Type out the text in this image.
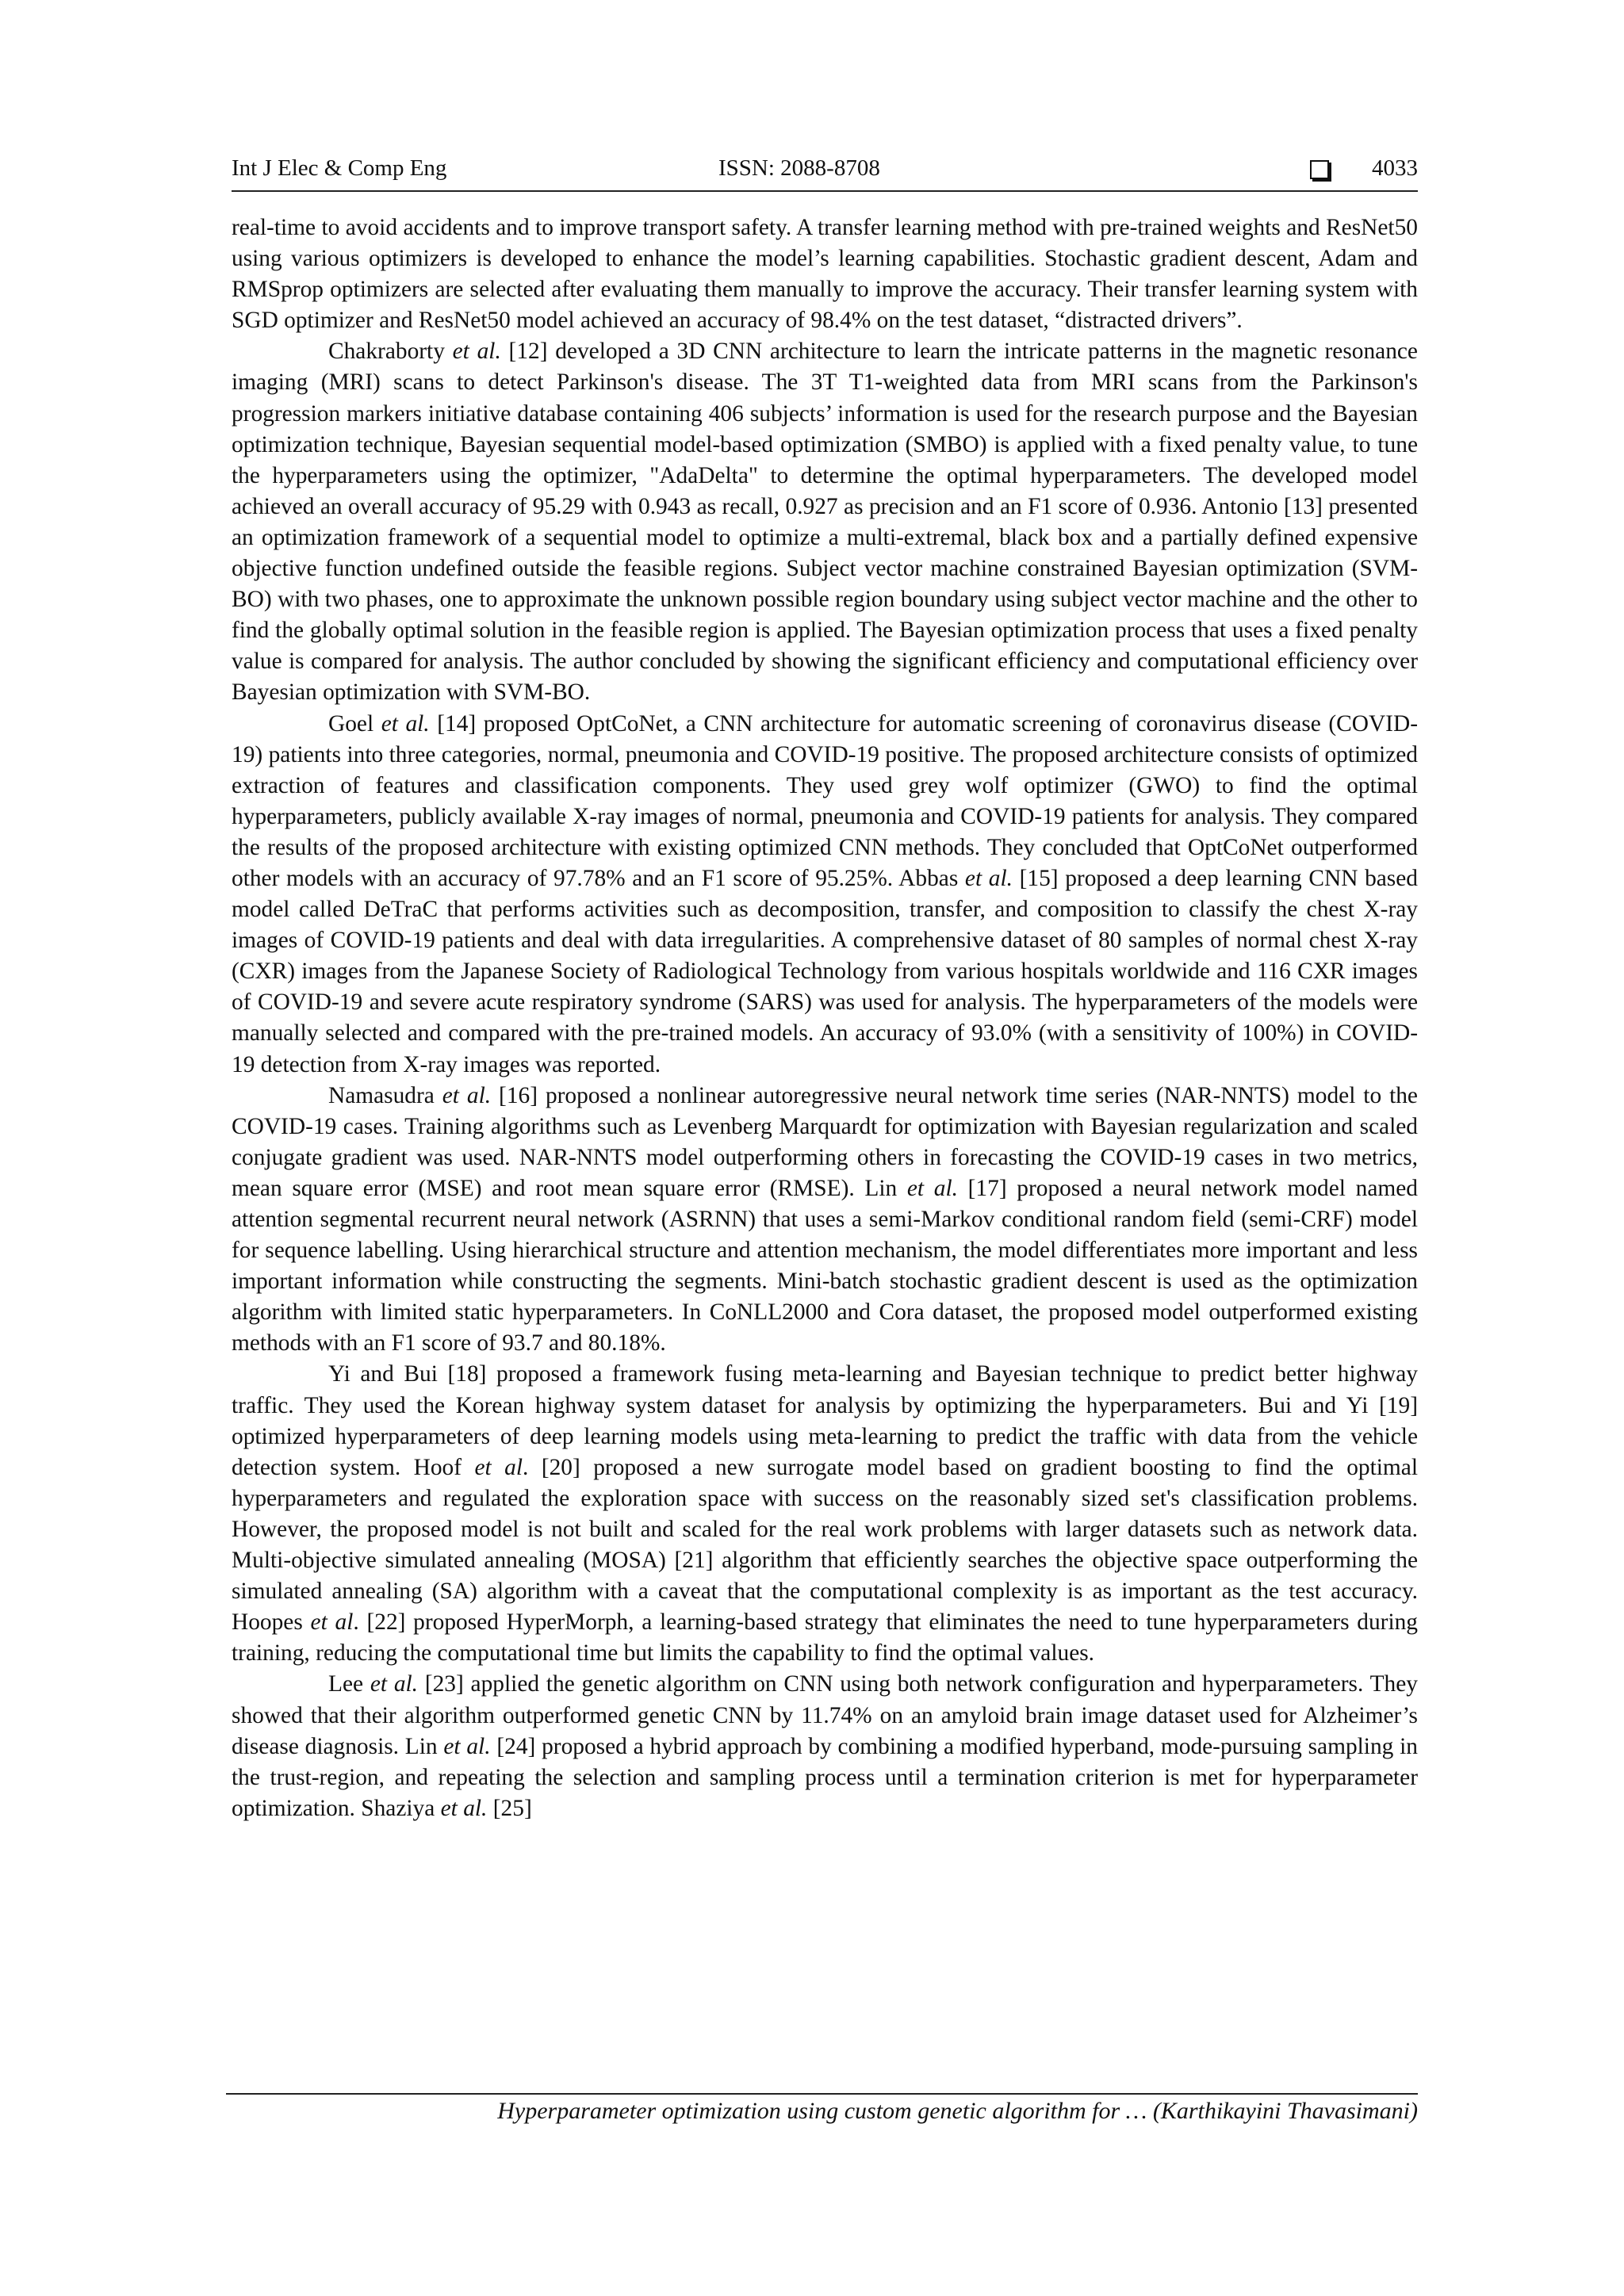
Int J Elec & Comp Eng	ISSN: 2088-8708	4033

real-time to avoid accidents and to improve transport safety. A transfer learning method with pre-trained weights and ResNet50 using various optimizers is developed to enhance the model’s learning capabilities. Stochastic gradient descent, Adam and RMSprop optimizers are selected after evaluating them manually to improve the accuracy. Their transfer learning system with SGD optimizer and ResNet50 model achieved an accuracy of 98.4% on the test dataset, “distracted drivers”.

Chakraborty et al. [12] developed a 3D CNN architecture to learn the intricate patterns in the magnetic resonance imaging (MRI) scans to detect Parkinson's disease. The 3T T1-weighted data from MRI scans from the Parkinson's progression markers initiative database containing 406 subjects’ information is used for the research purpose and the Bayesian optimization technique, Bayesian sequential model-based optimization (SMBO) is applied with a fixed penalty value, to tune the hyperparameters using the optimizer, "AdaDelta" to determine the optimal hyperparameters. The developed model achieved an overall accuracy of 95.29 with 0.943 as recall, 0.927 as precision and an F1 score of 0.936. Antonio [13] presented an optimization framework of a sequential model to optimize a multi-extremal, black box and a partially defined expensive objective function undefined outside the feasible regions. Subject vector machine constrained Bayesian optimization (SVM-BO) with two phases, one to approximate the unknown possible region boundary using subject vector machine and the other to find the globally optimal solution in the feasible region is applied. The Bayesian optimization process that uses a fixed penalty value is compared for analysis. The author concluded by showing the significant efficiency and computational efficiency over Bayesian optimization with SVM-BO.

Goel et al. [14] proposed OptCoNet, a CNN architecture for automatic screening of coronavirus disease (COVID-19) patients into three categories, normal, pneumonia and COVID-19 positive. The proposed architecture consists of optimized extraction of features and classification components. They used grey wolf optimizer (GWO) to find the optimal hyperparameters, publicly available X-ray images of normal, pneumonia and COVID-19 patients for analysis. They compared the results of the proposed architecture with existing optimized CNN methods. They concluded that OptCoNet outperformed other models with an accuracy of 97.78% and an F1 score of 95.25%. Abbas et al. [15] proposed a deep learning CNN based model called DeTraC that performs activities such as decomposition, transfer, and composition to classify the chest X-ray images of COVID-19 patients and deal with data irregularities. A comprehensive dataset of 80 samples of normal chest X-ray (CXR) images from the Japanese Society of Radiological Technology from various hospitals worldwide and 116 CXR images of COVID-19 and severe acute respiratory syndrome (SARS) was used for analysis. The hyperparameters of the models were manually selected and compared with the pre-trained models. An accuracy of 93.0% (with a sensitivity of 100%) in COVID-19 detection from X-ray images was reported.

Namasudra et al. [16] proposed a nonlinear autoregressive neural network time series (NAR-NNTS) model to the COVID-19 cases. Training algorithms such as Levenberg Marquardt for optimization with Bayesian regularization and scaled conjugate gradient was used. NAR-NNTS model outperforming others in forecasting the COVID-19 cases in two metrics, mean square error (MSE) and root mean square error (RMSE). Lin et al. [17] proposed a neural network model named attention segmental recurrent neural network (ASRNN) that uses a semi-Markov conditional random field (semi-CRF) model for sequence labelling. Using hierarchical structure and attention mechanism, the model differentiates more important and less important information while constructing the segments. Mini-batch stochastic gradient descent is used as the optimization algorithm with limited static hyperparameters. In CoNLL2000 and Cora dataset, the proposed model outperformed existing methods with an F1 score of 93.7 and 80.18%.

Yi and Bui [18] proposed a framework fusing meta-learning and Bayesian technique to predict better highway traffic. They used the Korean highway system dataset for analysis by optimizing the hyperparameters. Bui and Yi [19] optimized hyperparameters of deep learning models using meta-learning to predict the traffic with data from the vehicle detection system. Hoof et al. [20] proposed a new surrogate model based on gradient boosting to find the optimal hyperparameters and regulated the exploration space with success on the reasonably sized set's classification problems. However, the proposed model is not built and scaled for the real work problems with larger datasets such as network data. Multi-objective simulated annealing (MOSA) [21] algorithm that efficiently searches the objective space outperforming the simulated annealing (SA) algorithm with a caveat that the computational complexity is as important as the test accuracy. Hoopes et al. [22] proposed HyperMorph, a learning-based strategy that eliminates the need to tune hyperparameters during training, reducing the computational time but limits the capability to find the optimal values.

Lee et al. [23] applied the genetic algorithm on CNN using both network configuration and hyperparameters. They showed that their algorithm outperformed genetic CNN by 11.74% on an amyloid brain image dataset used for Alzheimer’s disease diagnosis. Lin et al. [24] proposed a hybrid approach by combining a modified hyperband, mode-pursuing sampling in the trust-region, and repeating the selection and sampling process until a termination criterion is met for hyperparameter optimization. Shaziya et al. [25]

Hyperparameter optimization using custom genetic algorithm for … (Karthikayini Thavasimani)
